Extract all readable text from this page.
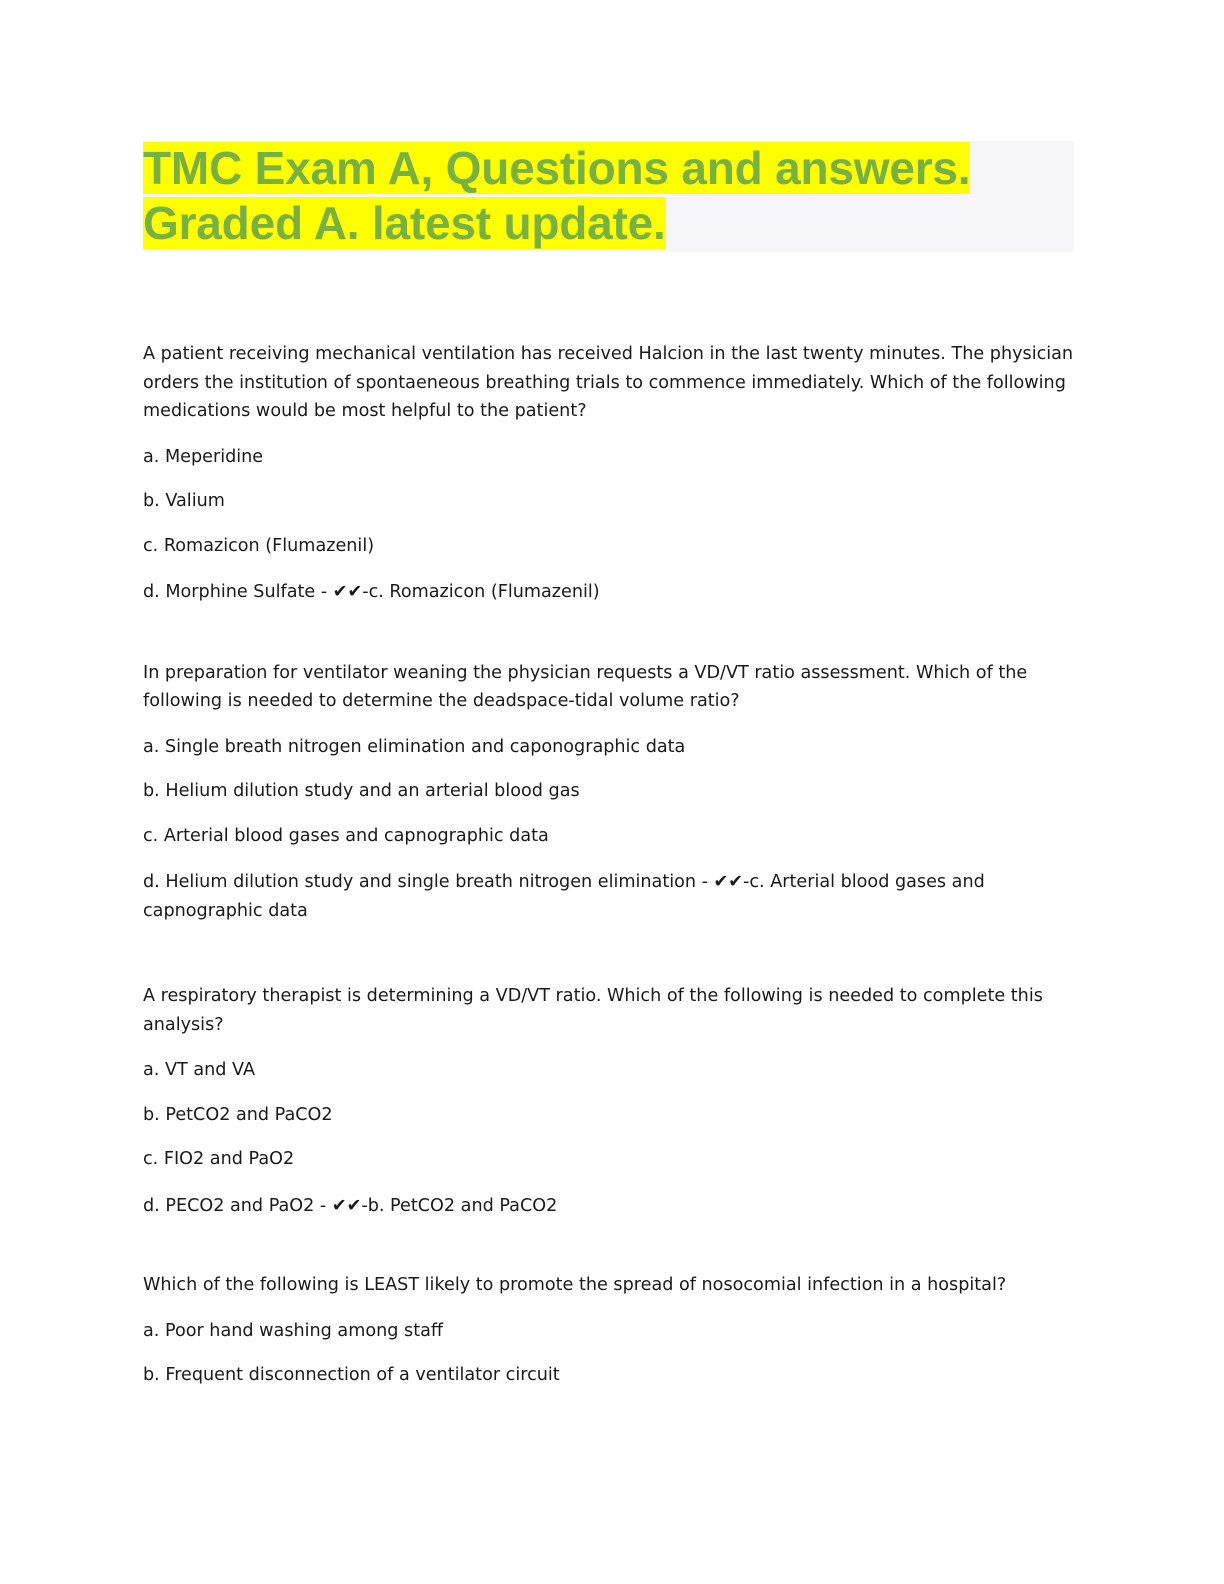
TMC Exam A, Questions and answers.
Graded A. latest update.

A patient receiving mechanical ventilation has received Halcion in the last twenty minutes. The physician orders the institution of spontaeneous breathing trials to commence immediately. Which of the following medications would be most helpful to the patient?

a. Meperidine

b. Valium

c. Romazicon (Flumazenil)

d. Morphine Sulfate - ✔✔-c. Romazicon (Flumazenil)

In preparation for ventilator weaning the physician requests a VD/VT ratio assessment. Which of the following is needed to determine the deadspace-tidal volume ratio?

a. Single breath nitrogen elimination and caponographic data

b. Helium dilution study and an arterial blood gas

c. Arterial blood gases and capnographic data

d. Helium dilution study and single breath nitrogen elimination - ✔✔-c. Arterial blood gases and capnographic data

A respiratory therapist is determining a VD/VT ratio. Which of the following is needed to complete this analysis?

a. VT and VA

b. PetCO2 and PaCO2

c. FIO2 and PaO2

d. PECO2 and PaO2 - ✔✔-b. PetCO2 and PaCO2

Which of the following is LEAST likely to promote the spread of nosocomial infection in a hospital?

a. Poor hand washing among staff

b. Frequent disconnection of a ventilator circuit
